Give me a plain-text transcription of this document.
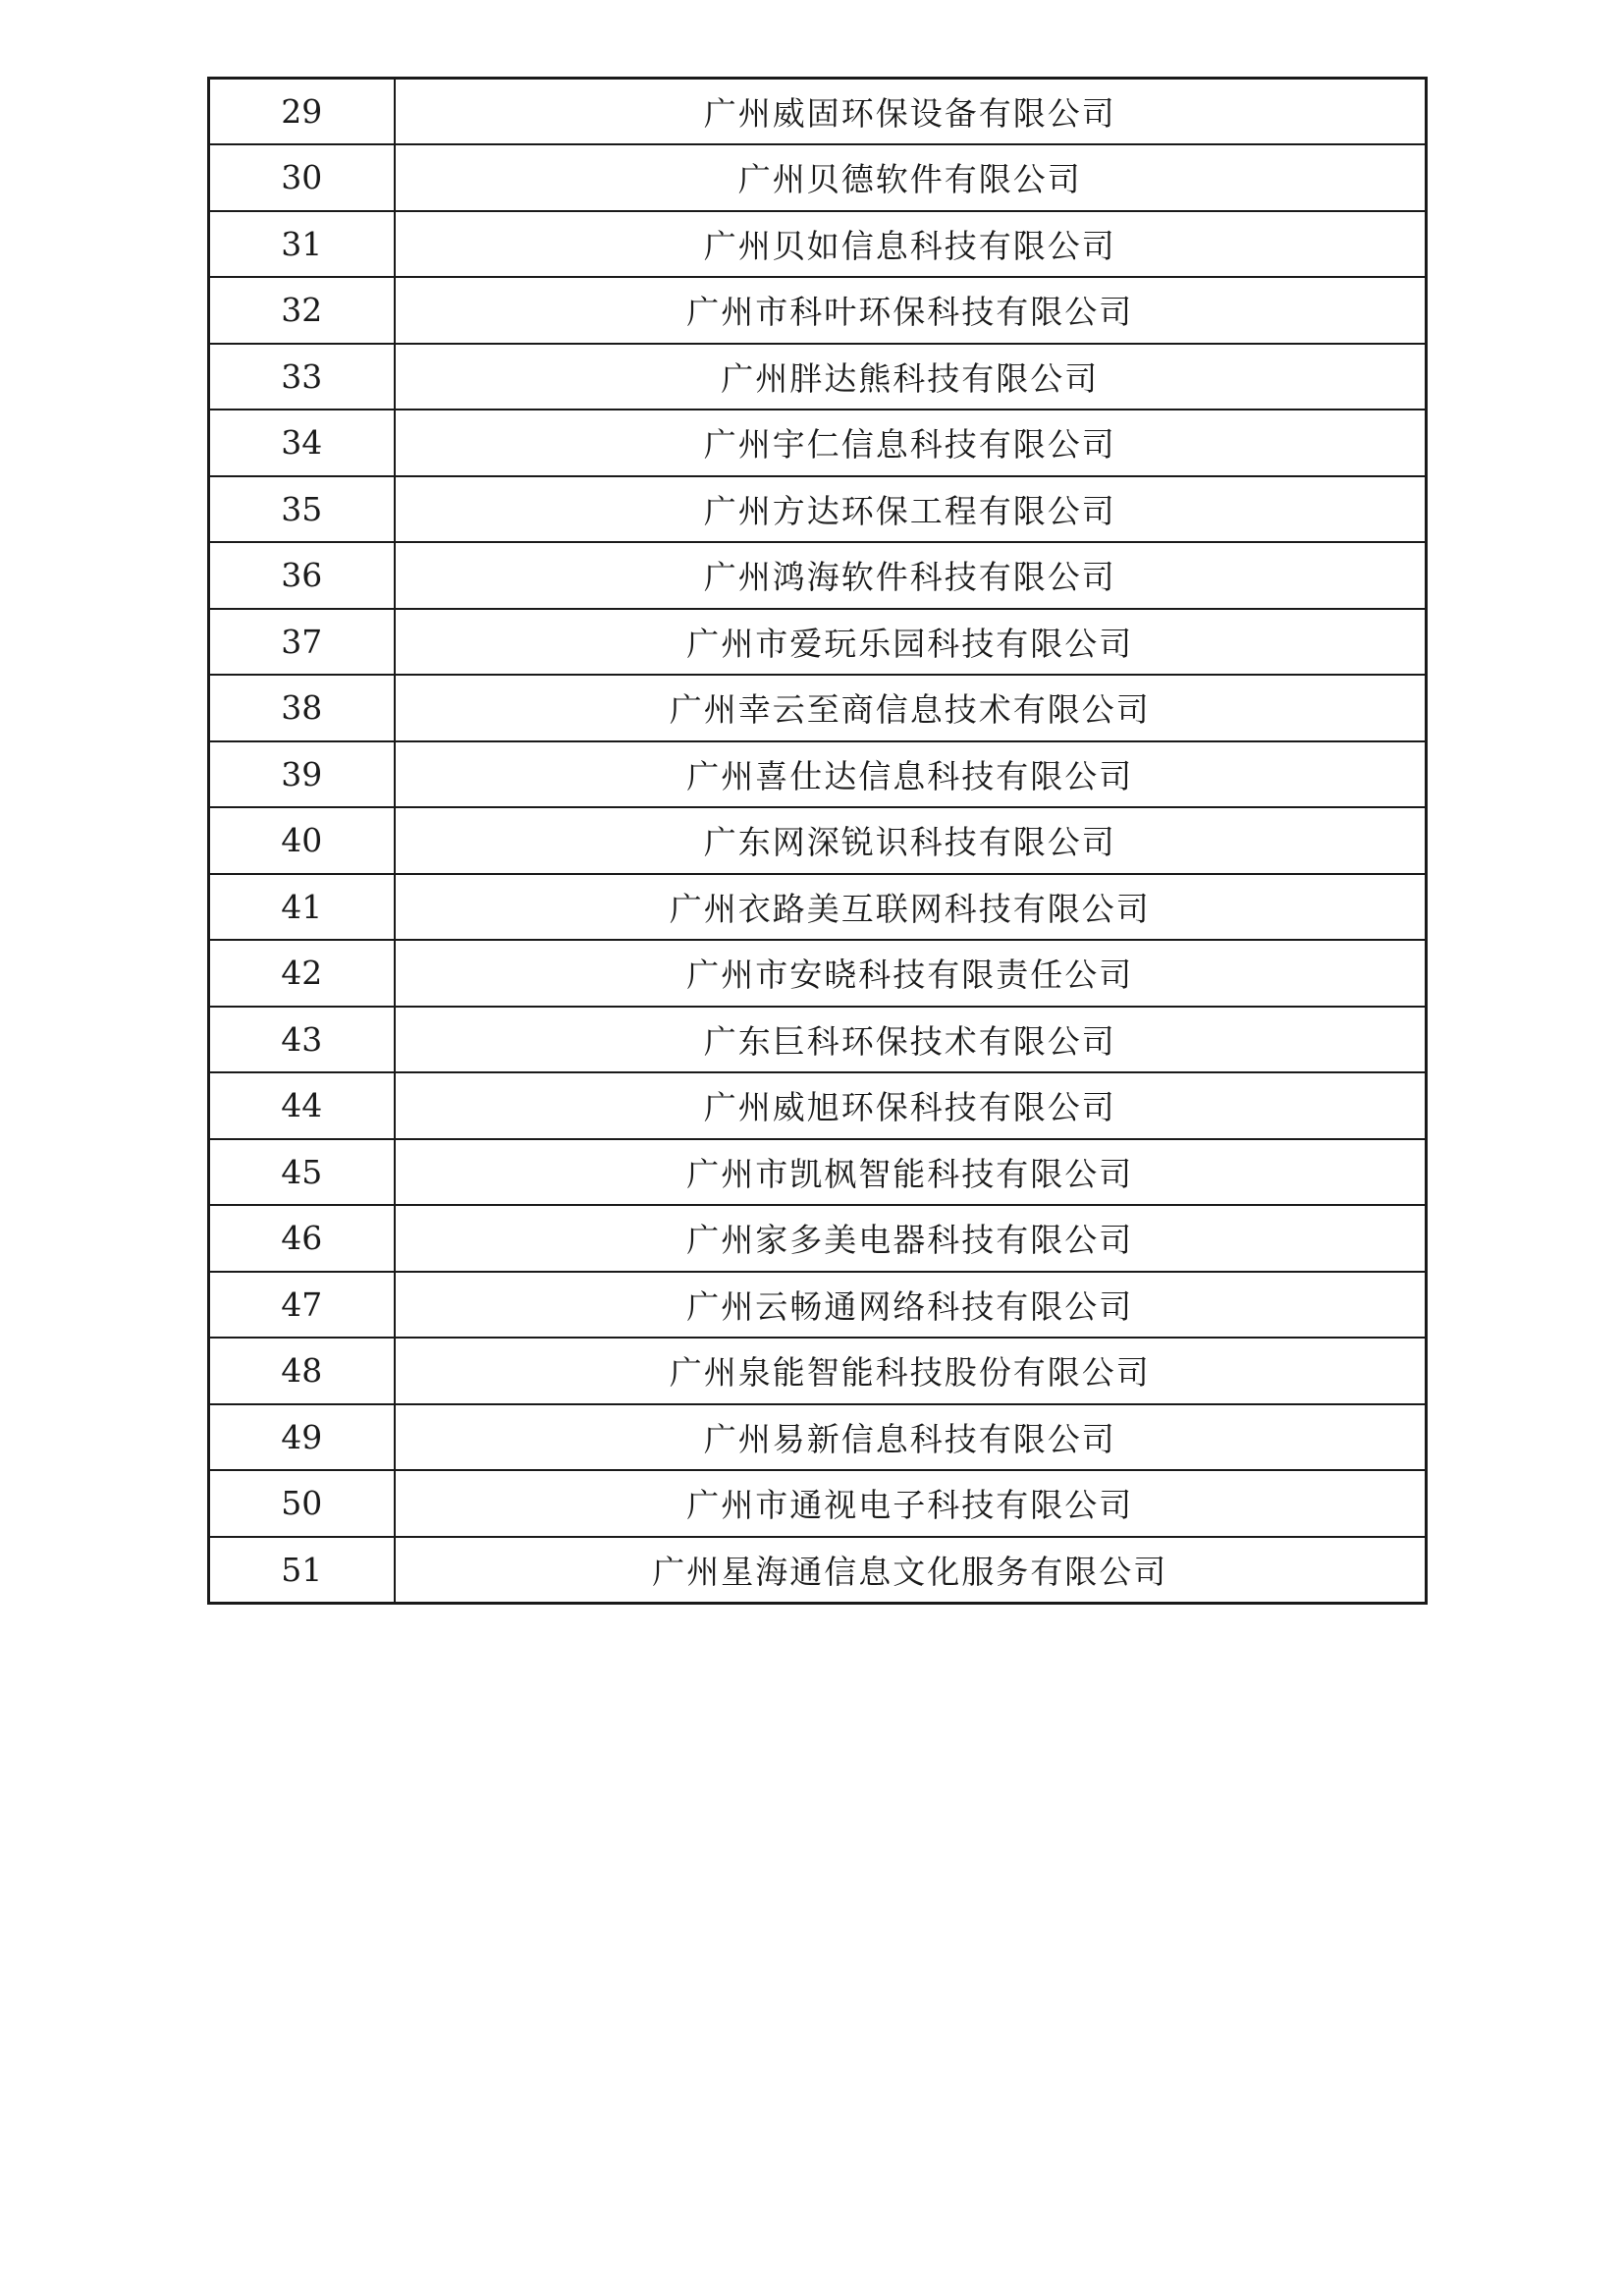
29	广州威固环保设备有限公司
30	广州贝德软件有限公司
31	广州贝如信息科技有限公司
32	广州市科叶环保科技有限公司
33	广州胖达熊科技有限公司
34	广州宇仁信息科技有限公司
35	广州方达环保工程有限公司
36	广州鸿海软件科技有限公司
37	广州市爱玩乐园科技有限公司
38	广州幸云至商信息技术有限公司
39	广州喜仕达信息科技有限公司
40	广东网深锐识科技有限公司
41	广州衣路美互联网科技有限公司
42	广州市安晓科技有限责任公司
43	广东巨科环保技术有限公司
44	广州威旭环保科技有限公司
45	广州市凯枫智能科技有限公司
46	广州家多美电器科技有限公司
47	广州云畅通网络科技有限公司
48	广州泉能智能科技股份有限公司
49	广州易新信息科技有限公司
50	广州市通视电子科技有限公司
51	广州星海通信息文化服务有限公司
